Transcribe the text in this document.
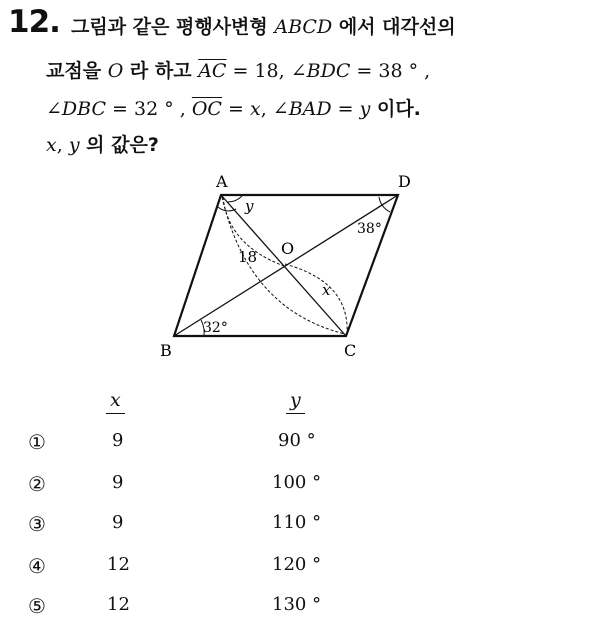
12. 그림과 같은 평행사변형 ABCD 에서 대각선의
교점을 O 라 하고 $\overline{AC} = 18$, ∠BDC = 38 ° ,
∠DBC = 32 ° , $\overline{OC} = x$, ∠BAD = y 이다.
x, y 의 값은?
A	D
B	C
O
y
18
x
38°
32°
x	y
①	9	90 °
②	9	100 °
③	9	110 °
④	12	120 °
⑤	12	130 °
